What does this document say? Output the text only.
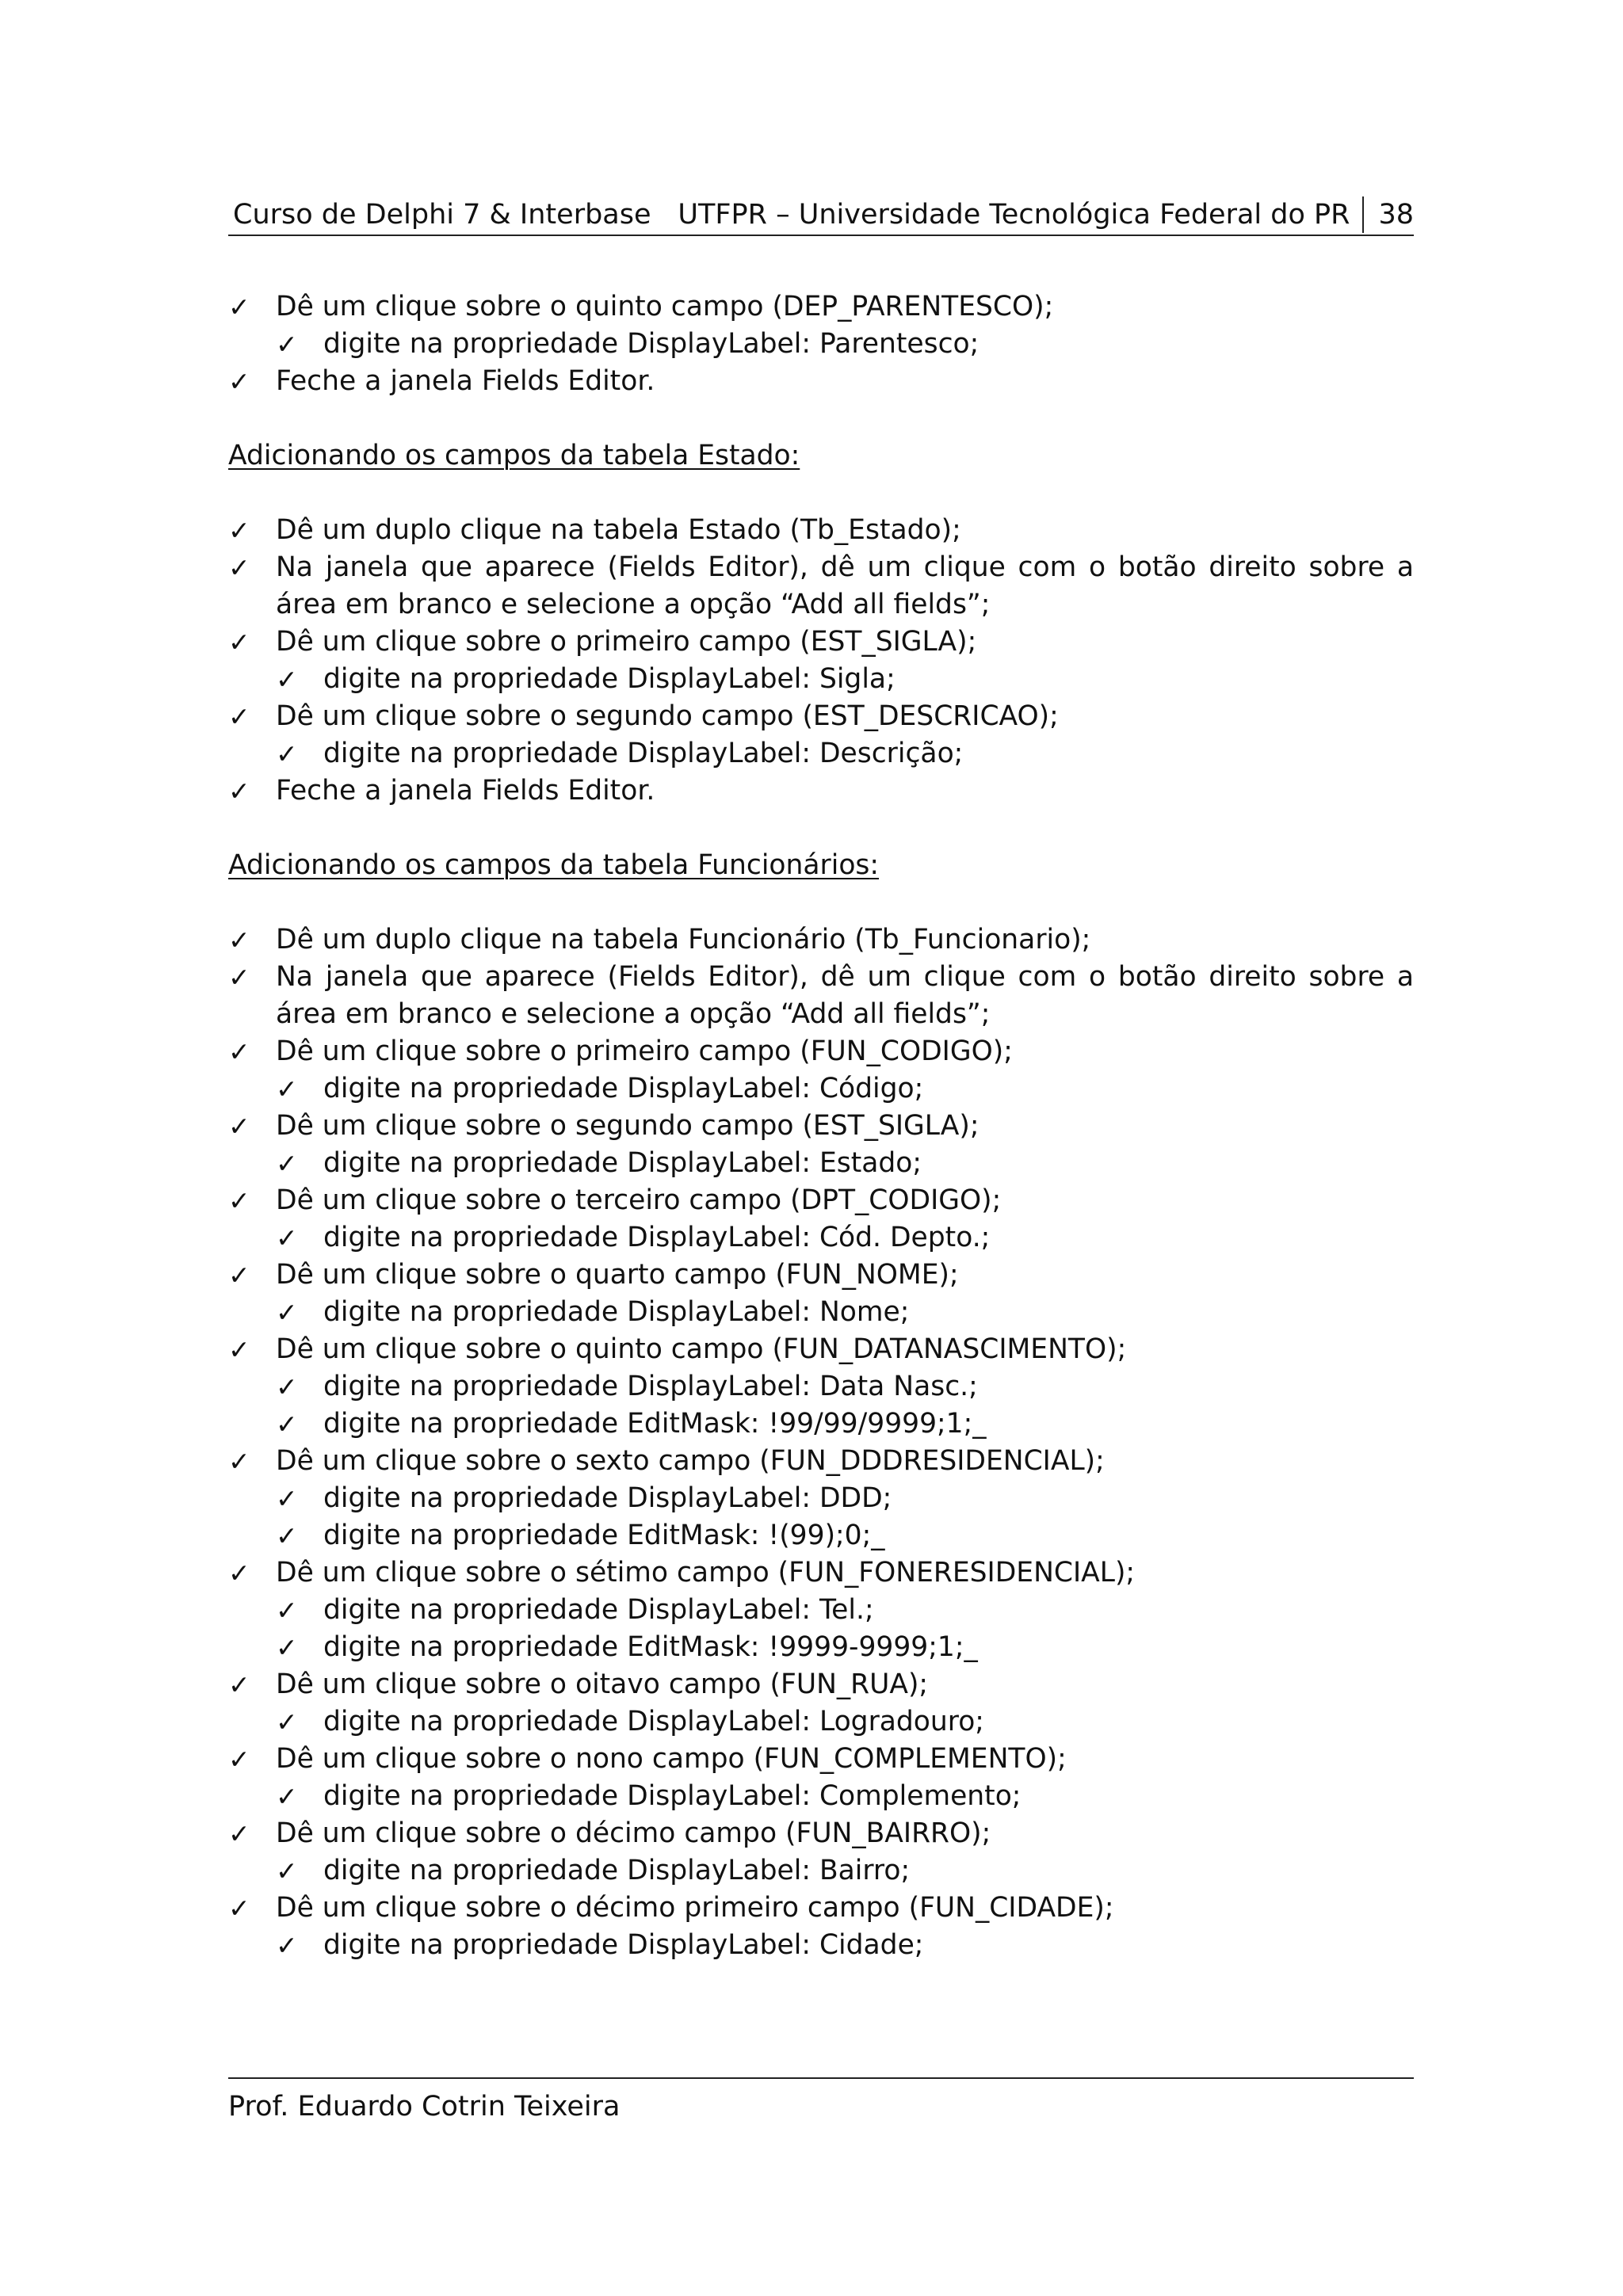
Curso de Delphi 7 & Interbase UTFPR – Universidade Tecnológica Federal do PR 38
✓ Dê um clique sobre o quinto campo (DEP_PARENTESCO);
✓ digite na propriedade DisplayLabel: Parentesco;
✓ Feche a janela Fields Editor.
Adicionando os campos da tabela Estado:
✓ Dê um duplo clique na tabela Estado (Tb_Estado);
✓ Na janela que aparece (Fields Editor), dê um clique com o botão direito sobre a área em branco e selecione a opção “Add all fields”;
✓ Dê um clique sobre o primeiro campo (EST_SIGLA);
✓ digite na propriedade DisplayLabel: Sigla;
✓ Dê um clique sobre o segundo campo (EST_DESCRICAO);
✓ digite na propriedade DisplayLabel: Descrição;
✓ Feche a janela Fields Editor.
Adicionando os campos da tabela Funcionários:
✓ Dê um duplo clique na tabela Funcionário (Tb_Funcionario);
✓ Na janela que aparece (Fields Editor), dê um clique com o botão direito sobre a área em branco e selecione a opção “Add all fields”;
✓ Dê um clique sobre o primeiro campo (FUN_CODIGO);
✓ digite na propriedade DisplayLabel: Código;
✓ Dê um clique sobre o segundo campo (EST_SIGLA);
✓ digite na propriedade DisplayLabel: Estado;
✓ Dê um clique sobre o terceiro campo (DPT_CODIGO);
✓ digite na propriedade DisplayLabel: Cód. Depto.;
✓ Dê um clique sobre o quarto campo (FUN_NOME);
✓ digite na propriedade DisplayLabel: Nome;
✓ Dê um clique sobre o quinto campo (FUN_DATANASCIMENTO);
✓ digite na propriedade DisplayLabel: Data Nasc.;
✓ digite na propriedade EditMask: !99/99/9999;1;_
✓ Dê um clique sobre o sexto campo (FUN_DDDRESIDENCIAL);
✓ digite na propriedade DisplayLabel: DDD;
✓ digite na propriedade EditMask: !(99);0;_
✓ Dê um clique sobre o sétimo campo (FUN_FONERESIDENCIAL);
✓ digite na propriedade DisplayLabel: Tel.;
✓ digite na propriedade EditMask: !9999-9999;1;_
✓ Dê um clique sobre o oitavo campo (FUN_RUA);
✓ digite na propriedade DisplayLabel: Logradouro;
✓ Dê um clique sobre o nono campo (FUN_COMPLEMENTO);
✓ digite na propriedade DisplayLabel: Complemento;
✓ Dê um clique sobre o décimo campo (FUN_BAIRRO);
✓ digite na propriedade DisplayLabel: Bairro;
✓ Dê um clique sobre o décimo primeiro campo (FUN_CIDADE);
✓ digite na propriedade DisplayLabel: Cidade;
Prof. Eduardo Cotrin Teixeira
